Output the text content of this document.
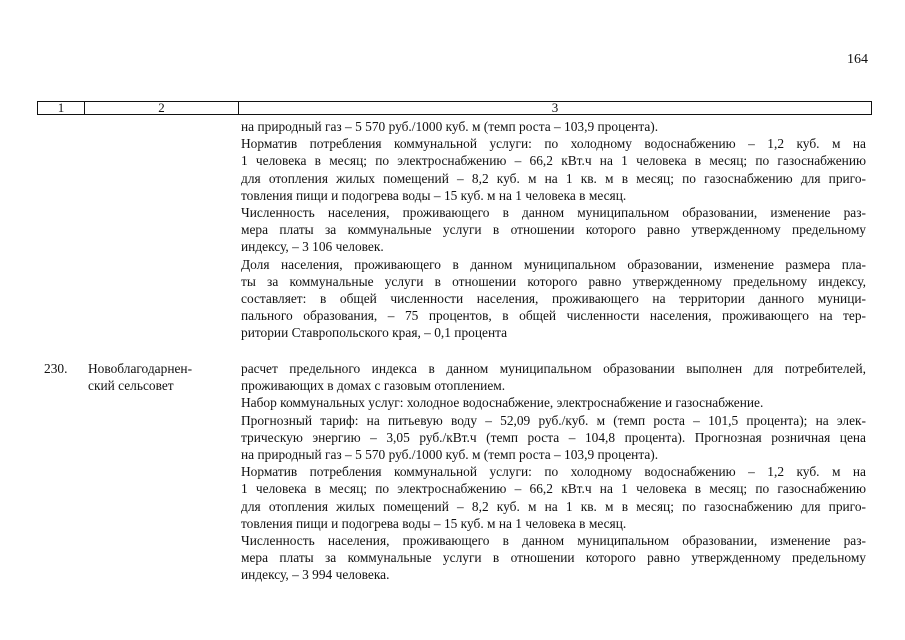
164
1	2	3
на природный газ – 5 570 руб./1000 куб. м (темп роста – 103,9 процента).
Норматив потребления коммунальной услуги: по холодному водоснабжению – 1,2 куб. м на
1 человека в месяц; по электроснабжению – 66,2 кВт.ч на 1 человека в месяц; по газоснабжению
для отопления жилых помещений – 8,2 куб. м на 1 кв. м в месяц; по газоснабжению для приго-
товления пищи и подогрева воды – 15 куб. м на 1 человека в месяц.
Численность населения, проживающего в данном муниципальном образовании, изменение раз-
мера платы за коммунальные услуги в отношении которого равно утвержденному предельному
индексу, – 3 106 человек.
Доля населения, проживающего в данном муниципальном образовании, изменение размера пла-
ты за коммунальные услуги в отношении которого равно утвержденному предельному индексу,
составляет: в общей численности населения, проживающего на территории данного муници-
пального образования, – 75 процентов, в общей численности населения, проживающего на тер-
ритории Ставропольского края, – 0,1 процента
230. Новоблагодарнен-
ский сельсовет
расчет предельного индекса в данном муниципальном образовании выполнен для потребителей,
проживающих в домах с газовым отоплением.
Набор коммунальных услуг: холодное водоснабжение, электроснабжение и газоснабжение.
Прогнозный тариф: на питьевую воду – 52,09 руб./куб. м (темп роста – 101,5 процента); на элек-
трическую энергию – 3,05 руб./кВт.ч (темп роста – 104,8 процента). Прогнозная розничная цена
на природный газ – 5 570 руб./1000 куб. м (темп роста – 103,9 процента).
Норматив потребления коммунальной услуги: по холодному водоснабжению – 1,2 куб. м на
1 человека в месяц; по электроснабжению – 66,2 кВт.ч на 1 человека в месяц; по газоснабжению
для отопления жилых помещений – 8,2 куб. м на 1 кв. м в месяц; по газоснабжению для приго-
товления пищи и подогрева воды – 15 куб. м на 1 человека в месяц.
Численность населения, проживающего в данном муниципальном образовании, изменение раз-
мера платы за коммунальные услуги в отношении которого равно утвержденному предельному
индексу, – 3 994 человека.
